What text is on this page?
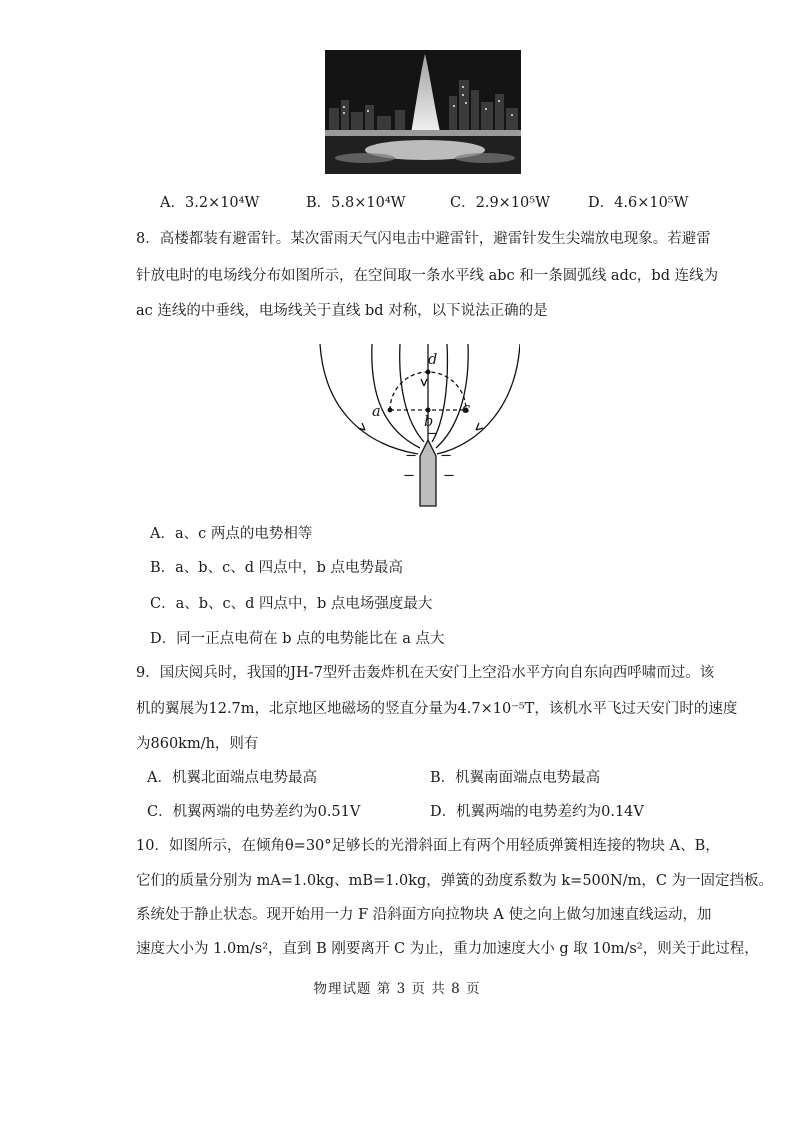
A．3.2×10⁴W	B．5.8×10⁴W	C．2.9×10⁵W	D．4.6×10⁵W
8．高楼都装有避雷针。某次雷雨天气闪电击中避雷针，避雷针发生尖端放电现象。若避雷
针放电时的电场线分布如图所示，在空间取一条水平线 abc 和一条圆弧线 adc，bd 连线为
ac 连线的中垂线，电场线关于直线 bd 对称，以下说法正确的是
a
b
c
d
−
− −
− −
A．a、c 两点的电势相等
B．a、b、c、d 四点中，b 点电势最高
C．a、b、c、d 四点中，b 点电场强度最大
D．同一正点电荷在 b 点的电势能比在 a 点大
9．国庆阅兵时，我国的JH-7型歼击轰炸机在天安门上空沿水平方向自东向西呼啸而过。该
机的翼展为12.7m，北京地区地磁场的竖直分量为4.7×10⁻⁵T，该机水平飞过天安门时的速度
为860km/h，则有
A．机翼北面端点电势最高	B．机翼南面端点电势最高
C．机翼两端的电势差约为0.51V	D．机翼两端的电势差约为0.14V
10．如图所示，在倾角θ=30°足够长的光滑斜面上有两个用轻质弹簧相连接的物块 A、B，
它们的质量分别为 mA=1.0kg、mB=1.0kg，弹簧的劲度系数为 k=500N/m，C 为一固定挡板。
系统处于静止状态。现开始用一力 F 沿斜面方向拉物块 A 使之向上做匀加速直线运动，加
速度大小为 1.0m/s²，直到 B 刚要离开 C 为止，重力加速度大小 g 取 10m/s²，则关于此过程，
物理试题 第 3 页 共 8 页
